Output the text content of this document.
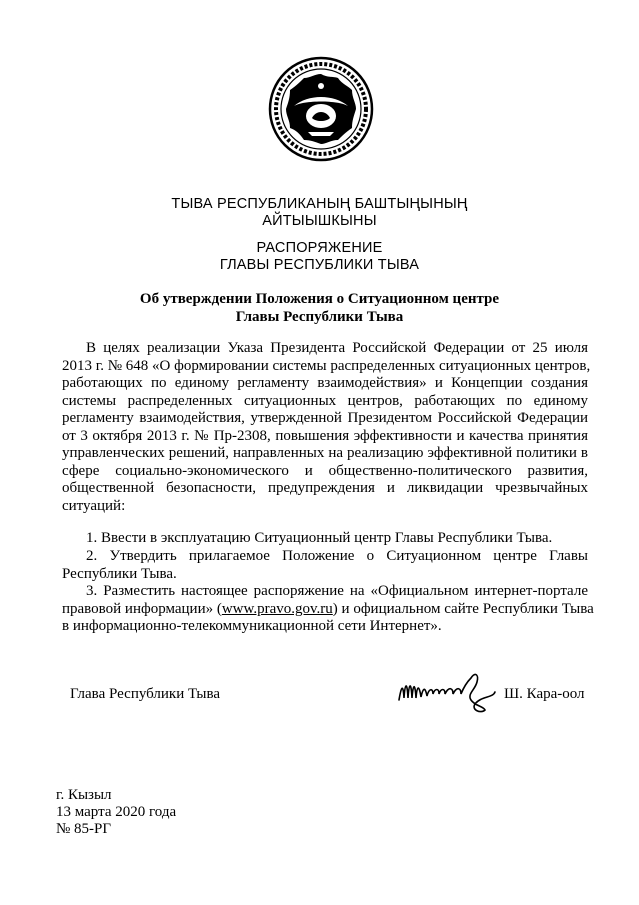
ТЫВА РЕСПУБЛИКАНЫҢ БАШТЫҢЫНЫҢ
АЙТЫЫШКЫНЫ
РАСПОРЯЖЕНИЕ
ГЛАВЫ РЕСПУБЛИКИ ТЫВА
Об утверждении Положения о Ситуационном центре
Главы Республики Тыва
В целях реализации Указа Президента Российской Федерации от 25 июля
2013 г. № 648 «О формировании системы распределенных ситуационных центров,
работающих по единому регламенту взаимодействия» и Концепции создания
системы распределенных ситуационных центров, работающих по единому
регламенту взаимодействия, утвержденной Президентом Российской Федерации
от 3 октября 2013 г. № Пр-2308, повышения эффективности и качества принятия
управленческих решений, направленных на реализацию эффективной политики в
сфере социально-экономического и общественно-политического развития,
общественной безопасности, предупреждения и ликвидации чрезвычайных
ситуаций:
1. Ввести в эксплуатацию Ситуационный центр Главы Республики Тыва.
2. Утвердить прилагаемое Положение о Ситуационном центре Главы
Республики Тыва.
3. Разместить настоящее распоряжение на «Официальном интернет-портале
правовой информации» (www.pravo.gov.ru) и официальном сайте Республики Тыва
в информационно-телекоммуникационной сети Интернет».
Глава Республики Тыва	Ш. Кара-оол
г. Кызыл
13 марта 2020 года
№ 85-РГ
